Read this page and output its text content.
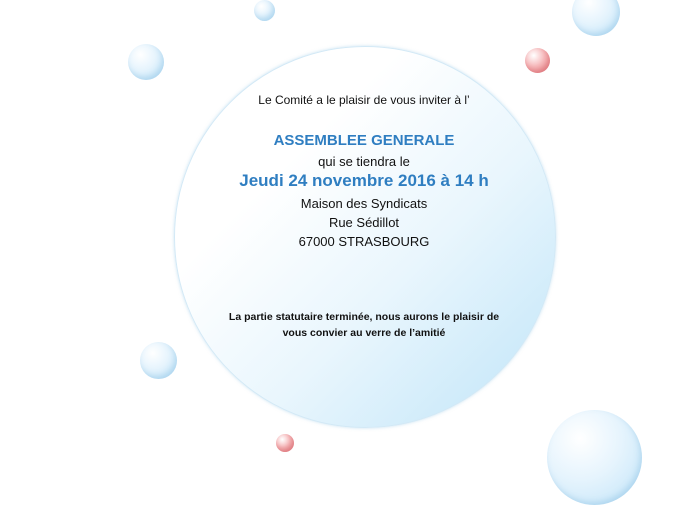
Le Comité a le plaisir de vous inviter à l’
ASSEMBLEE GENERALE
qui se tiendra le
Jeudi 24 novembre 2016 à 14 h
Maison des Syndicats
Rue Sédillot
67000 STRASBOURG
La partie statutaire terminée, nous aurons le plaisir de
vous convier au verre de l’amitié
